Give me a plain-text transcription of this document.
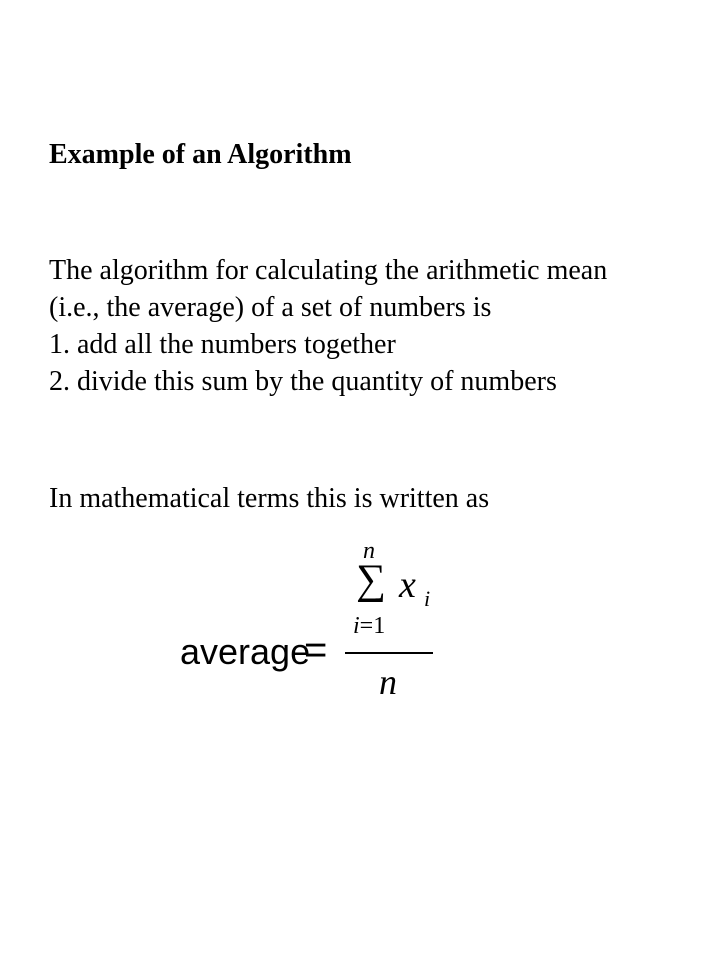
Example of an Algorithm
The algorithm for calculating the arithmetic mean
(i.e., the average) of a set of numbers is
1. add all the numbers together
2. divide this sum by the quantity of numbers
In mathematical terms this is written as
average
=
n
∑ x i
i=1
n
